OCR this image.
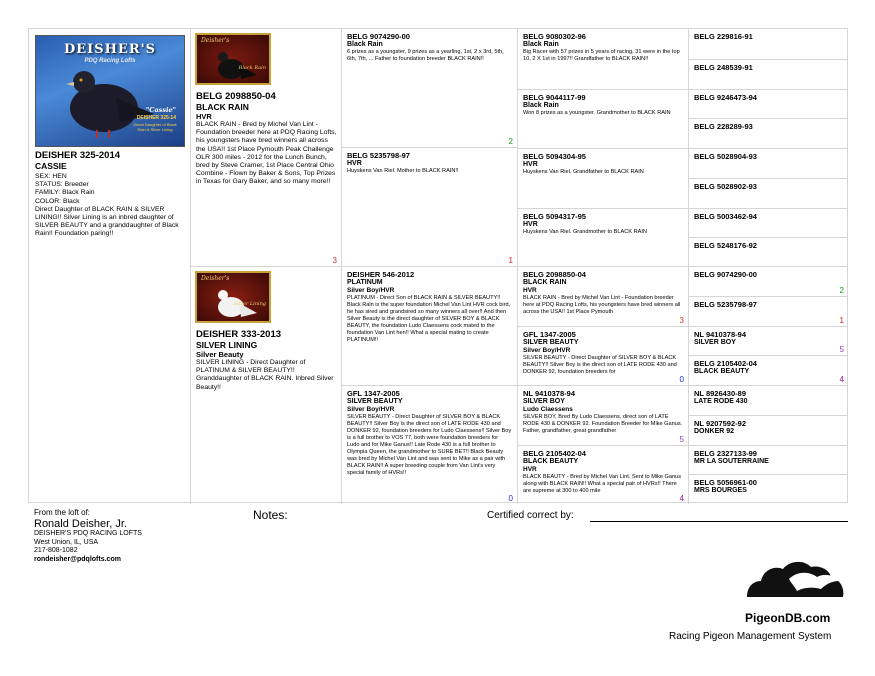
DEISHER'S
PDQ Racing Lofts
"Cassie"
DEISHER 325-14
Direct Daughter of Black Rain & Silver Lining
DEISHER 325-2014
CASSIE
SEX: HEN
STATUS: Breeder
FAMILY: Black Rain
COLOR: Black
Direct Daughter of BLACK RAIN & SILVER LINING!! Silver Lining is an inbred daughter of SILVER BEAUTY and a granddaughter of Black Rain!! Foundation paring!!
Deisher's
Black Rain
BELG 2098850-04
BLACK RAIN
HVR
BLACK RAIN - Bred by Michel Van Lint - Foundation breeder here at PDQ Racing Lofts, his youngsters have bred winners all across the USA!! 1st Place Pymouth Peak Challenge OLR 300 miles - 2012 for the Lunch Bunch, bred by Steve Cramer, 1st Place Central Ohio Combine - Flown by Baker & Sons, Top Prizes in Texas for Gary Baker, and so many more!!
3
Deisher's
Silver Lining
DEISHER 333-2013
SILVER LINING
Silver Beauty
SILVER LINING - Direct Daughter of PLATINUM & SILVER BEAUTY!! Granddaughter of BLACK RAIN. Inbred Silver Beauty!!
BELG 9074290-00
Black Rain
6 prizes as a youngster, 9 prizes as a yearling, 1st, 2 x 3rd, 5th, 6th, 7th, ... Father to foundation breeder BLACK RAIN!!
2
BELG 5235798-97
HVR
Huyskens Van Riel. Mother to BLACK RAIN!!
1
DEISHER 546-2012
PLATINUM
Silver Boy/HVR
PLATINUM - Direct Son of BLACK RAIN & SILVER BEAUTY!! Black Rain is the super foundation Michel Van Lint HVR cock bird, he has sired and grandsired so many winners all over!! And then Silver Beauty is the direct daughter of SILVER BOY & BLACK BEAUTY, the foundation Ludo Claessens cock mated to the foundation Van Lint hen!! What a special mating to create PLATINUM!!
GFL 1347-2005
SILVER BEAUTY
Silver Boy/HVR
SILVER BEAUTY - Direct Daughter of SILVER BOY & BLACK BEAUTY!! Silver Boy is the direct son of LATE RODE 430 and DONKER 92, foundation breeders for Ludo Claessens!! Silver Boy is a full brother to VOS 77, both were foundation breeders for Ludo and for Mike Ganus!! Late Rode 430 is a full brother to Olympia Queen, the grandmother to SURE BET!! Black Beauty was bred by Michel Van Lint and was sent to Mike as a pair with BLACK RAIN!! A super breeding couple from Van Lint's very special family of HVRs!!
0
BELG 9080302-96
Black Rain
Big Racer with 57 prizes in 5 years of racing, 31 were in the top 10, 2 X 1st in 1997!! Grandfather to BLACK RAIN!!
BELG 9044117-99
Black Rain
Won 8 prizes as a youngster. Grandmother to BLACK RAIN
BELG 5094304-95
HVR
Huyskens Van Riel. Grandfather to BLACK RAIN
BELG 5094317-95
HVR
Huyskens Van Riel. Grandmother to BLACK RAIN
BELG 2098850-04
BLACK RAIN
HVR
BLACK RAIN - Bred by Michel Van Lint - Foundation breeder here at PDQ Racing Lofts, his youngsters have bred winners all across the USA!! 1st Place Pymouth
3
GFL 1347-2005
SILVER BEAUTY
Silver Boy/HVR
SILVER BEAUTY - Direct Daughter of SILVER BOY & BLACK BEAUTY!! Silver Boy is the direct son of LATE RODE 430 and DONKER 92, foundation breeders for
0
NL 9410378-94
SILVER BOY
Ludo Claessens
SILVER BOY, Bred By Ludo Claessens, direct son of LATE RODE 430 & DONKER 92. Foundation Breeder for Mike Ganus. Father, grandfather, great grandfather
5
BELG 2105402-04
BLACK BEAUTY
HVR
BLACK BEAUTY - Bred by Michel Van Lint. Sent to Mike Ganus along with BLACK RAIN!! What a special pair of HVRs!! There are supreme at 300 to 400 mile
4
BELG 229816-91
BELG 248539-91
BELG 9246473-94
BELG 228289-93
BELG 5028904-93
BELG 5028902-93
BELG 5003462-94
BELG 5248176-92
BELG 9074290-00
2
BELG 5235798-97
1
NL 9410378-94
SILVER BOY
5
BELG 2105402-04
BLACK BEAUTY
4
NL 8926430-89
LATE RODE 430
NL 9207592-92
DONKER 92
BELG 2327133-99
MR LA SOUTERRAINE
BELG 5056961-00
MRS BOURGES
From the loft of:
Ronald Deisher, Jr.
DEISHER'S PDQ RACING LOFTS
West Union, IL, USA
217-808-1082
rondeisher@pdqlofts.com
Notes:	Certified correct by:
PigeonDB.com
Racing Pigeon Management System
